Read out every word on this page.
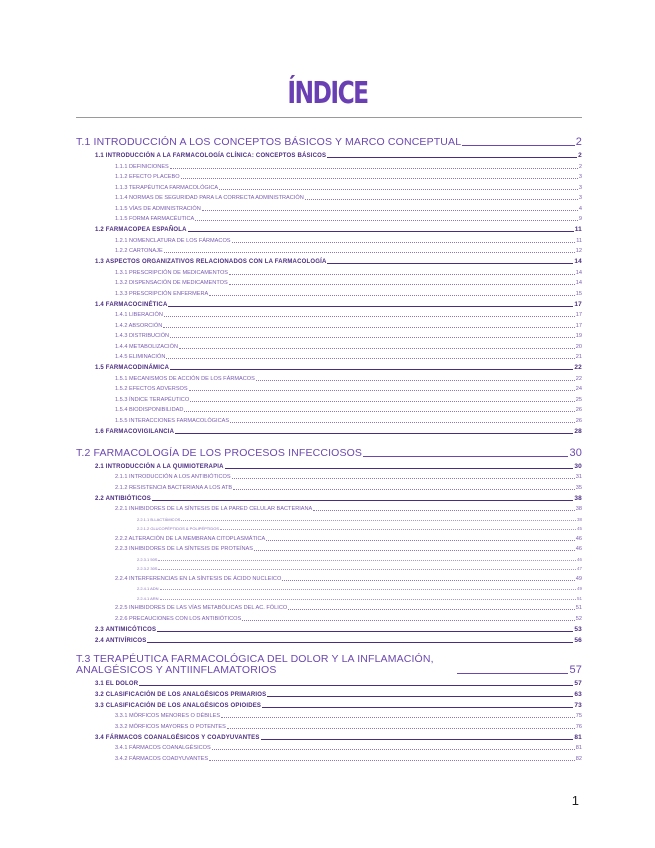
ÍNDICE
T.1 INTRODUCCIÓN A LOS CONCEPTOS BÁSICOS Y MARCO CONCEPTUAL	2
1.1 INTRODUCCIÓN A LA FARMACOLOGÍA CLÍNICA: CONCEPTOS BÁSICOS	2
1.1.1 DEFINICIONES	2
1.1.2 EFECTO PLACEBO	3
1.1.3 TERAPÉUTICA FARMACOLÓGICA	3
1.1.4 NORMAS DE SEGURIDAD PARA LA CORRECTA ADMINISTRACIÓN	3
1.1.5 VÍAS DE ADMINISTRACIÓN	4
1.1.5 FORMA FARMACÉUTICA	9
1.2 FARMACOPEA ESPAÑOLA	11
1.2.1 NOMENCLATURA DE LOS FÁRMACOS	11
1.2.2 CARTONAJE	12
1.3 ASPECTOS ORGANIZATIVOS RELACIONADOS CON LA FARMACOLOGÍA	14
1.3.1 PRESCRIPCIÓN DE MEDICAMENTOS	14
1.3.2 DISPENSACIÓN DE MEDICAMENTOS	14
1.3.3 PRESCRIPCIÓN ENFERMERA	15
1.4 FARMACOCINÉTICA	17
1.4.1 LIBERACIÓN	17
1.4.2 ABSORCIÓN	17
1.4.3 DISTRIBUCIÓN	19
1.4.4 METABOLIZACIÓN	20
1.4.5 ELIMINACIÓN	21
1.5 FARMACODINÁMICA	22
1.5.1 MECANISMOS DE ACCIÓN DE LOS FÁRMACOS	22
1.5.2 EFECTOS ADVERSOS	24
1.5.3 ÍNDICE TERAPÉUTICO	25
1.5.4 BIODISPONIBILIDAD	26
1.5.5 INTERACCIONES FARMACOLÓGICAS	26
1.6 FARMACOVIGILANCIA	28
T.2 FARMACOLOGÍA DE LOS PROCESOS INFECCIOSOS	30
2.1 INTRODUCCIÓN A LA QUIMIOTERAPIA	30
2.1.1 INTRODUCCIÓN A LOS ANTIBIÓTICOS	31
2.1.2 RESISTENCIA BACTERIANA A LOS ATB	35
2.2 ANTIBIÓTICOS	38
2.2.1 INHIBIDORES DE LA SÍNTESIS DE LA PARED CELULAR BACTERIANA	38
2.2.1.1 B-LACTÁMICOS	38
2.2.1.2 GLUCOPÉPTIDOS & POLIPÉPTIDOS	45
2.2.2 ALTERACIÓN DE LA MEMBRANA CITOPLASMÁTICA	46
2.2.3 INHIBIDORES DE LA SÍNTESIS DE PROTEÍNAS	46
2.2.3.1 50S	46
2.2.3.2 30S	47
2.2.4 INTERFERENCIAS EN LA SÍNTESIS DE ÁCIDO NUCLEICO	49
2.2.4.1 ADN	49
2.2.4.1 ARN	51
2.2.5 INHIBIDORES DE LAS VÍAS METABÓLICAS DEL AC. FÓLICO	51
2.2.6 PRECAUCIONES CON LOS ANTIBIÓTICOS	52
2.3 ANTIMICÓTICOS	53
2.4 ANTIVÍRICOS	56
T.3 TERAPÉUTICA FARMACOLÓGICA DEL DOLOR Y LA INFLAMACIÓN, ANALGÉSICOS Y ANTIINFLAMATORIOS	57
3.1 EL DOLOR	57
3.2 CLASIFICACIÓN DE LOS ANALGÉSICOS PRIMARIOS	63
3.3 CLASIFICACIÓN DE LOS ANALGÉSICOS OPIOIDES	73
3.3.1 MÓRFICOS MENORES O DÉBILES	75
3.3.2 MÓRFICOS MAYORES O POTENTES	76
3.4 FÁRMACOS COANALGÉSICOS Y COADYUVANTES	81
3.4.1 FÁRMACOS COANALGÉSICOS	81
3.4.2 FÁRMACOS COADYUVANTES	82
1
